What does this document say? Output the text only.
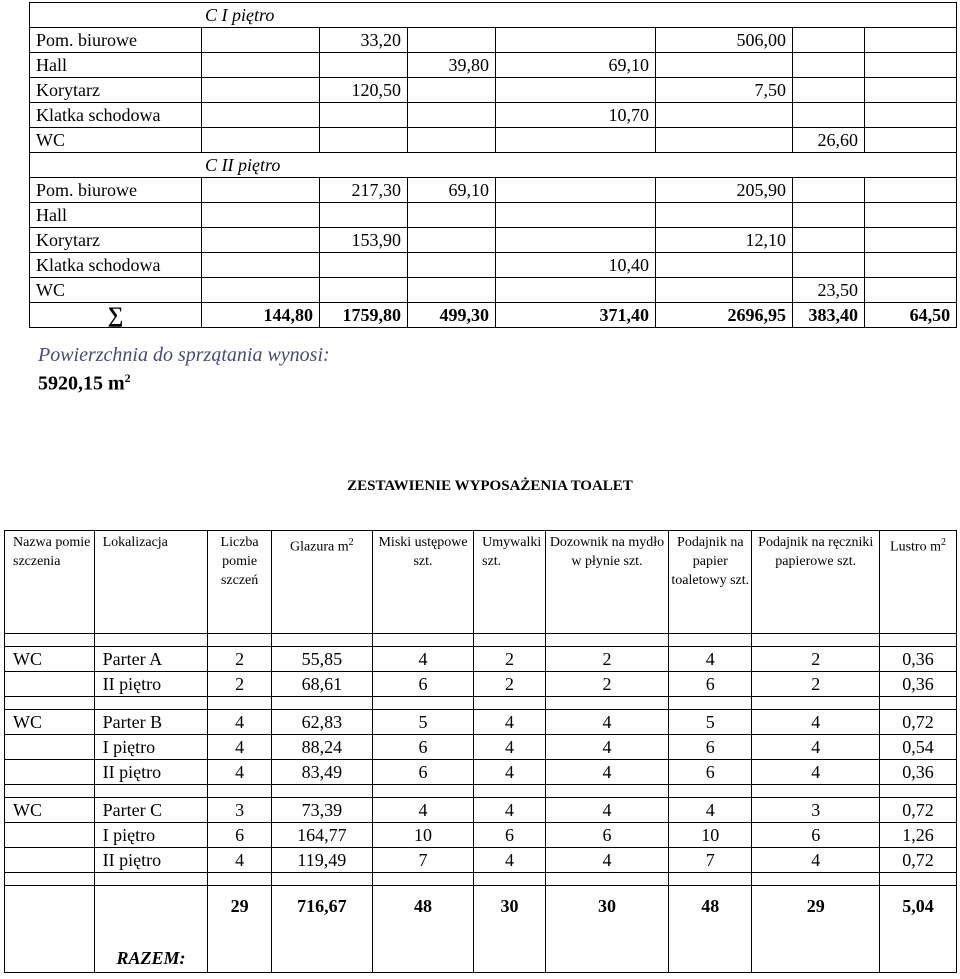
C I piętro							
Pom. biurowe		33,20			506,00		
Hall			39,80	69,10			
Korytarz		120,50			7,50		
Klatka schodowa				10,70			
WC						26,60	
C II piętro							
Pom. biurowe		217,30	69,10		205,90		
Hall							
Korytarz		153,90			12,10		
Klatka schodowa				10,40			
WC						23,50	
∑	144,80	1759,80	499,30	371,40	2696,95	383,40	64,50
Powierzchnia do sprzątania wynosi:
5920,15 $m^2$
ZESTAWIENIE WYPOSAŻENIA TOALET
Nazwa pomie szczenia	Lokalizacja	Liczba pomie szczeń	Glazura $m^2$	Miski ustępowe szt.	Umywalki szt.	Dozownik na mydło w płynie szt.	Podajnik na papier toaletowy szt.	Podajnik na ręczniki papierowe szt.	Lustro $m^2$

WC	Parter A	2	55,85	4	2	2	4	2	0,36
	II piętro	2	68,61	6	2	2	6	2	0,36

WC	Parter B	4	62,83	5	4	4	5	4	0,72
	I piętro	4	88,24	6	4	4	6	4	0,54
	II piętro	4	83,49	6	4	4	6	4	0,36

WC	Parter C	3	73,39	4	4	4	4	3	0,72
	I piętro	6	164,77	10	6	6	10	6	1,26
	II piętro	4	119,49	7	4	4	7	4	0,72

	RAZEM:	29	716,67	48	30	30	48	29	5,04
